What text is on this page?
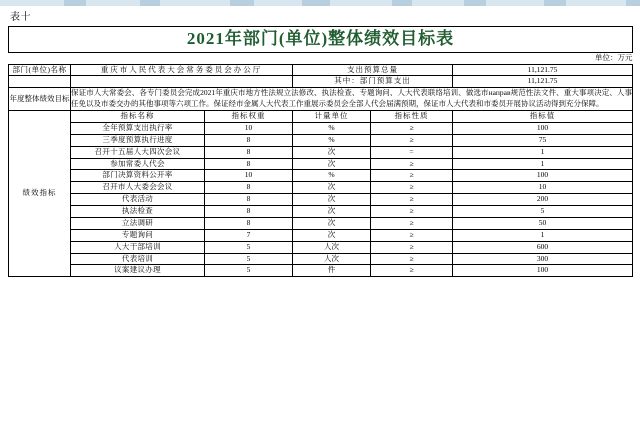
表十
2021年部门(单位)整体绩效目标表					
单位：万元					
部门(单位)名称	重庆市人民代表大会常务委员会办公厅		支出预算总量		11,121.75
			其中：部门预算支出		11,121.75
年度整体绩效目标	保证市人大常委会、各专门委员会完成2021年重庆市地方性法规立法修改、执法检查、专题询问、人大代表联络培训、做选市направ规范性法文件、重大事项决定、人事任免以及市委交办的其他事项等六项工作。保证经市金属人大代表工作重展示委员会全部人代会届满预期，保证市人大代表和市委员开展协议活动得到充分保障。				
绩效指标	指标名称	指标权重	计量单位	指标性质	指标值
	全年预算支出执行率	10	%	≥	100
	三季度预算执行进度	8	%	≥	75
	召开十五届人大四次会议	8	次	=	1
	参加常委人代会	8	次	≥	1
	部门决算资料公开率	10	%	≥	100
	召开市人大委会会议	8	次	≥	10
	代表活动	8	次	≥	200
	执法检查	8	次	≥	5
	立法调研	8	次	≥	50
	专题询问	7	次	≥	1
	人大干部培训	5	人次	≥	600
	代表培训	5	人次	≥	300
	议案建议办理	5	件	≥	100
